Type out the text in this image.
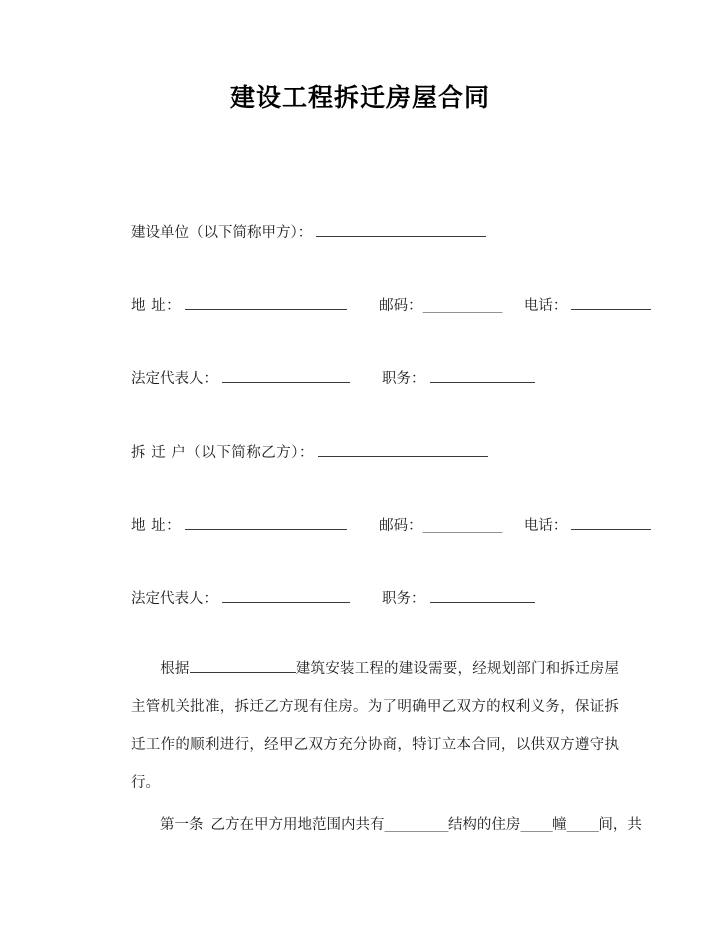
建设工程拆迁房屋合同
建设单位（以下简称甲方）：
地 址：	邮码： __________ 电话：
法定代表人：	职务：
拆 迁 户（以下简称乙方）：
地 址：	邮码： __________ 电话：
法定代表人：	职务：
根据	建筑安装工程的建设需要，经规划部门和拆迁房屋主管机关批准，拆迁乙方现有住房。为了明确甲乙双方的权利义务，保证拆迁工作的顺利进行，经甲乙双方充分协商，特订立本合同，以供双方遵守执行。
第一条 乙方在甲方用地范围内共有________结构的住房____幢____间，共
